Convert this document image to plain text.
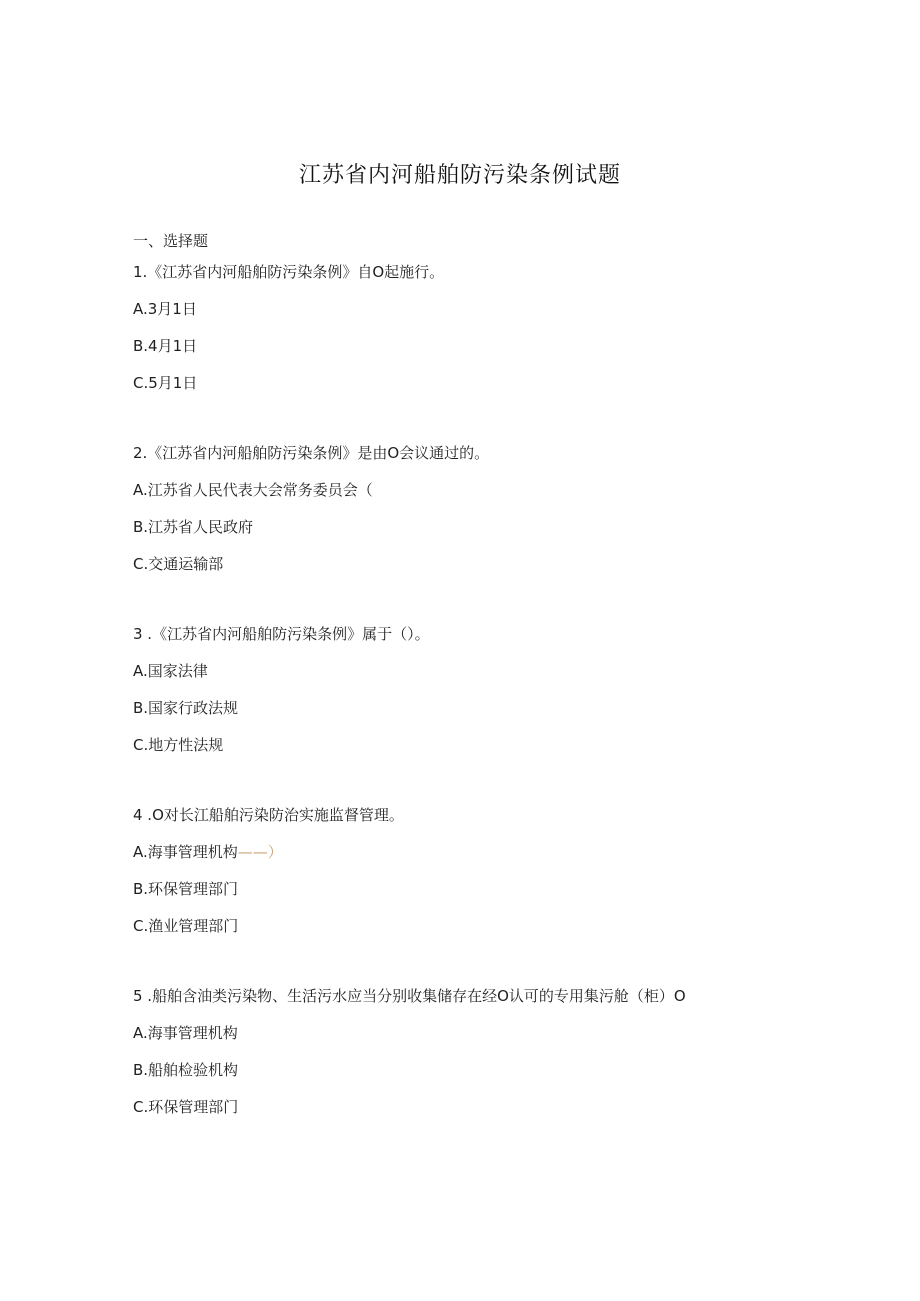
江苏省内河船舶防污染条例试题
一、选择题
1.《江苏省内河船舶防污染条例》自O起施行。
A.3月1日
B.4月1日
C.5月1日
2.《江苏省内河船舶防污染条例》是由O会议通过的。
A.江苏省人民代表大会常务委员会（
B.江苏省人民政府
C.交通运输部
3 .《江苏省内河船舶防污染条例》属于（）。
A.国家法律
B.国家行政法规
C.地方性法规
4 .O对长江船舶污染防治实施监督管理。
A.海事管理机构——）
B.环保管理部门
C.渔业管理部门
5 .船舶含油类污染物、生活污水应当分别收集储存在经O认可的专用集污舱（柜）O
A.海事管理机构
B.船舶检验机构
C.环保管理部门
